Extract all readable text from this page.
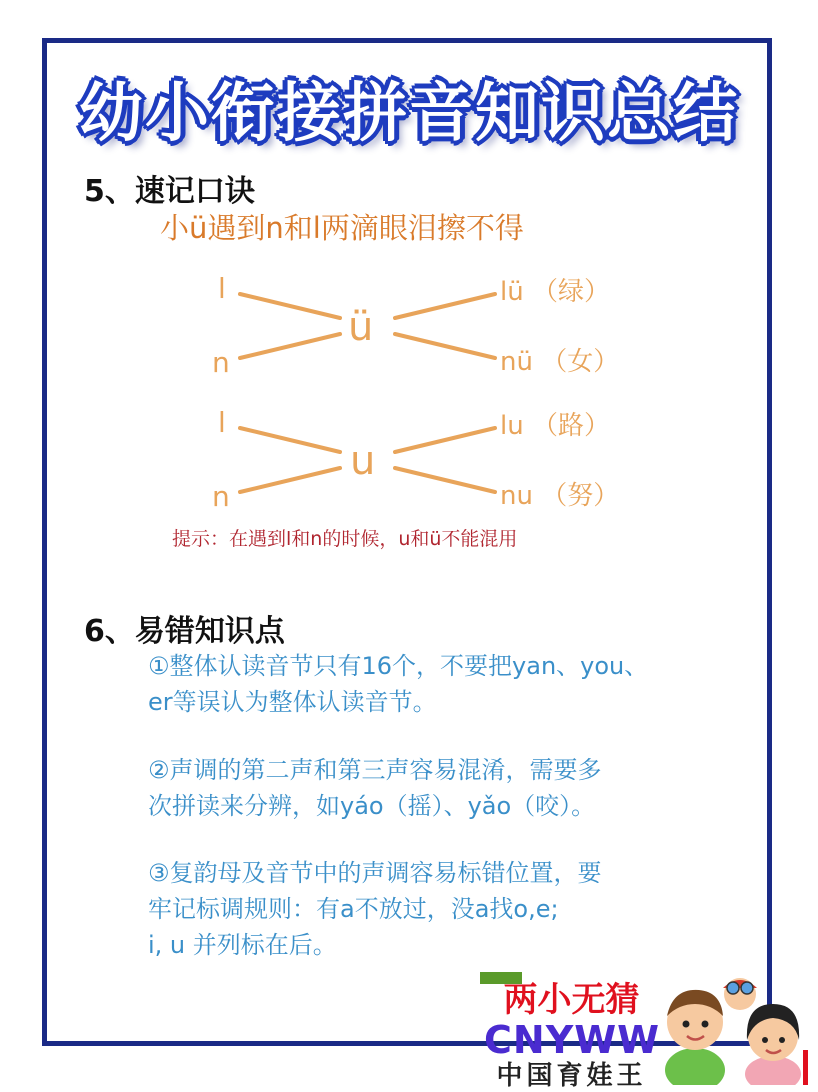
幼小衔接拼音知识总结
5、速记口诀
小ü遇到n和l两滴眼泪擦不得
l
n
ü
lü （绿）
nü （女）
l
n
u
lu （路）
nu （努）
提示：在遇到l和n的时候，u和ü不能混用
6、易错知识点
①整体认读音节只有16个，不要把yan、you、
er等误认为整体认读音节。
②声调的第二声和第三声容易混淆，需要多
次拼读来分辨，如yáo（摇）、yǎo（咬）。
③复韵母及音节中的声调容易标错位置，要
牢记标调规则：有a不放过，没a找o,e;
i, u 并列标在后。
两小无猜
CNYWW
中国育娃王
